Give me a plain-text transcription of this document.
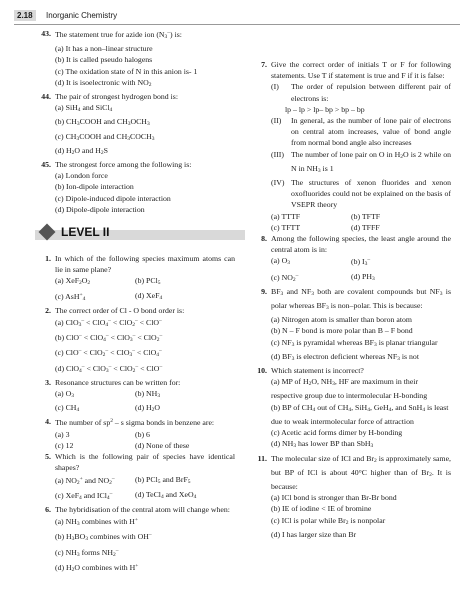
2.18	Inorganic Chemistry
43. The statement true for azide ion (N3–) is:
(a) It has a non–linear structure
(b) It is called pseudo halogens
(c) The oxidation state of N in this anion is- 1
(d) It is isoelectronic with NO2
44. The pair of strongest hydrogen bond is:
(a) SiH4 and SiCl4
(b) CH3COOH and CH3OCH3
(c) CH3COOH and CH3COCH3
(d) H2O and H2S
45. The strongest force among the following is:
(a) London force
(b) Ion-dipole interaction
(c) Dipole-induced dipole interaction
(d) Dipole-dipole interaction
LEVEL II
1. In which of the following species maximum atoms can lie in same plane?
(a) XeF2O2	(b) PCl5
(c) AsH+4	(d) XeF4
2. The correct order of Cl - O bond order is:
(a) ClO3– < ClO4– < ClO2– < ClO–
(b) ClO– < ClO4– < ClO3– < ClO2–
(c) ClO– < ClO2– < ClO3– < ClO4–
(d) ClO4– < ClO3– < ClO2– < ClO–
3. Resonance structures can be written for:
(a) O3	(b) NH3
(c) CH4	(d) H2O
4. The number of $sp^2$ – s sigma bonds in benzene are:
(a) 3	(b) 6
(c) 12	(d) None of these
5. Which is the following pair of species have identical shapes?
(a) NO2+ and NO2–	(b) PCl5 and BrF5
(c) XeF4 and ICl4–	(d) TeCl4 and XeO4
6. The hybridisation of the central atom will change when:
(a) NH3 combines with H+
(b) H3BO3 combines with OH–
(c) NH3 forms NH2–
(d) H2O combines with H+
7. Give the correct order of initials T or F for following statements. Use T if statement is true and F if it is false:
(I) The order of repulsion between different pair of electrons is:
lp – lp > lp– bp > bp – bp
(II) In general, as the number of lone pair of electrons on central atom increases, value of bond angle from normal bond angle also increases
(III) The number of lone pair on O in H2O is 2 while on N in NH3 is 1
(IV) The structures of xenon fluorides and xenon oxofluorides could not be explained on the basis of VSEPR theory
(a) TTTF	(b) TFTF
(c) TFTT	(d) TFFF
8. Among the following species, the least angle around the central atom is in:
(a) O3	(b) I3–
(c) NO2–	(d) PH3
9. BF3 and NF3 both are covalent compounds but NF3 is polar whereas BF3 is non–polar. This is because:
(a) Nitrogen atom is smaller than boron atom
(b) N – F bond is more polar than B – F bond
(c) NF3 is pyramidal whereas BF3 is planar triangular
(d) BF3 is electron deficient whereas NF3 is not
10. Which statement is incorrect?
(a) MP of H2O, NH3, HF are maximum in their respective group due to intermolecular H-bonding
(b) BP of CH4 out of CH4, SiH4, GeH4, and SnH4 is least due to weak intermolecular force of attraction
(c) Acetic acid forms dimer by H-bonding
(d) NH3 has lower BP than SbH3
11. The molecular size of ICl and Br2 is approximately same, but BP of ICl is about 40°C higher than of Br2. It is because:
(a) ICl bond is stronger than Br-Br bond
(b) IE of iodine < IE of bromine
(c) ICl is polar while Br2 is nonpolar
(d) I has larger size than Br
